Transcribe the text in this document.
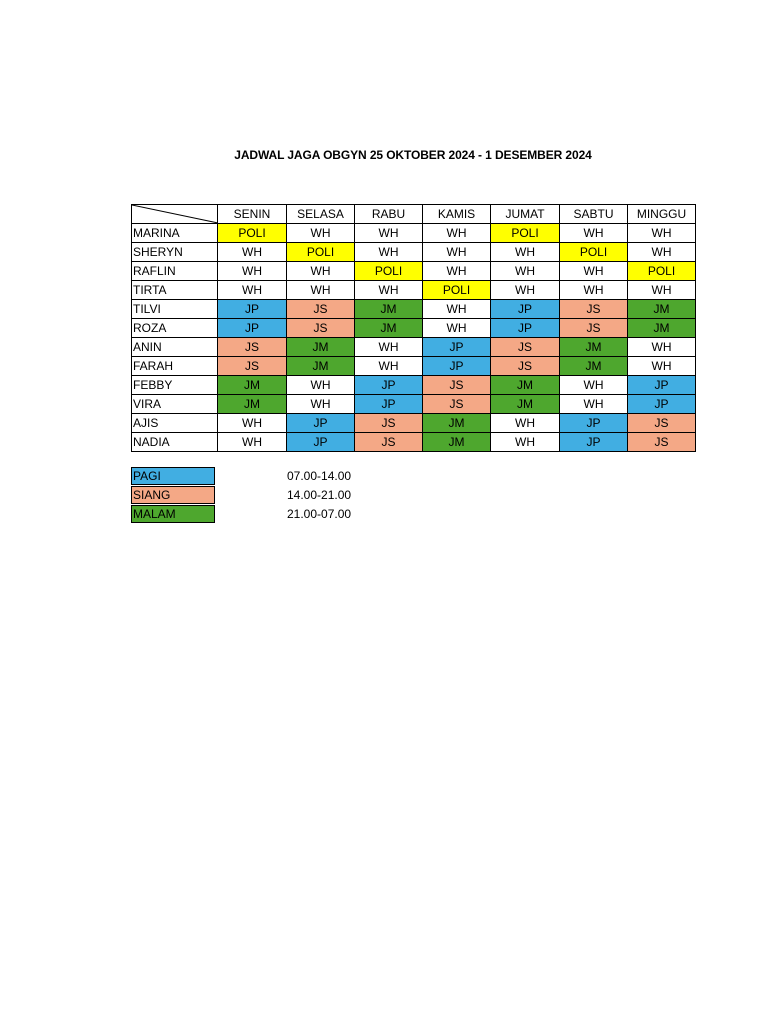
JADWAL JAGA OBGYN 25 OKTOBER 2024 - 1 DESEMBER 2024
	SENIN	SELASA	RABU	KAMIS	JUMAT	SABTU	MINGGU
MARINA	POLI	WH	WH	WH	POLI	WH	WH
SHERYN	WH	POLI	WH	WH	WH	POLI	WH
RAFLIN	WH	WH	POLI	WH	WH	WH	POLI
TIRTA	WH	WH	WH	POLI	WH	WH	WH
TILVI	JP	JS	JM	WH	JP	JS	JM
ROZA	JP	JS	JM	WH	JP	JS	JM
ANIN	JS	JM	WH	JP	JS	JM	WH
FARAH	JS	JM	WH	JP	JS	JM	WH
FEBBY	JM	WH	JP	JS	JM	WH	JP
VIRA	JM	WH	JP	JS	JM	WH	JP
AJIS	WH	JP	JS	JM	WH	JP	JS
NADIA	WH	JP	JS	JM	WH	JP	JS
PAGI	07.00-14.00
SIANG	14.00-21.00
MALAM	21.00-07.00
